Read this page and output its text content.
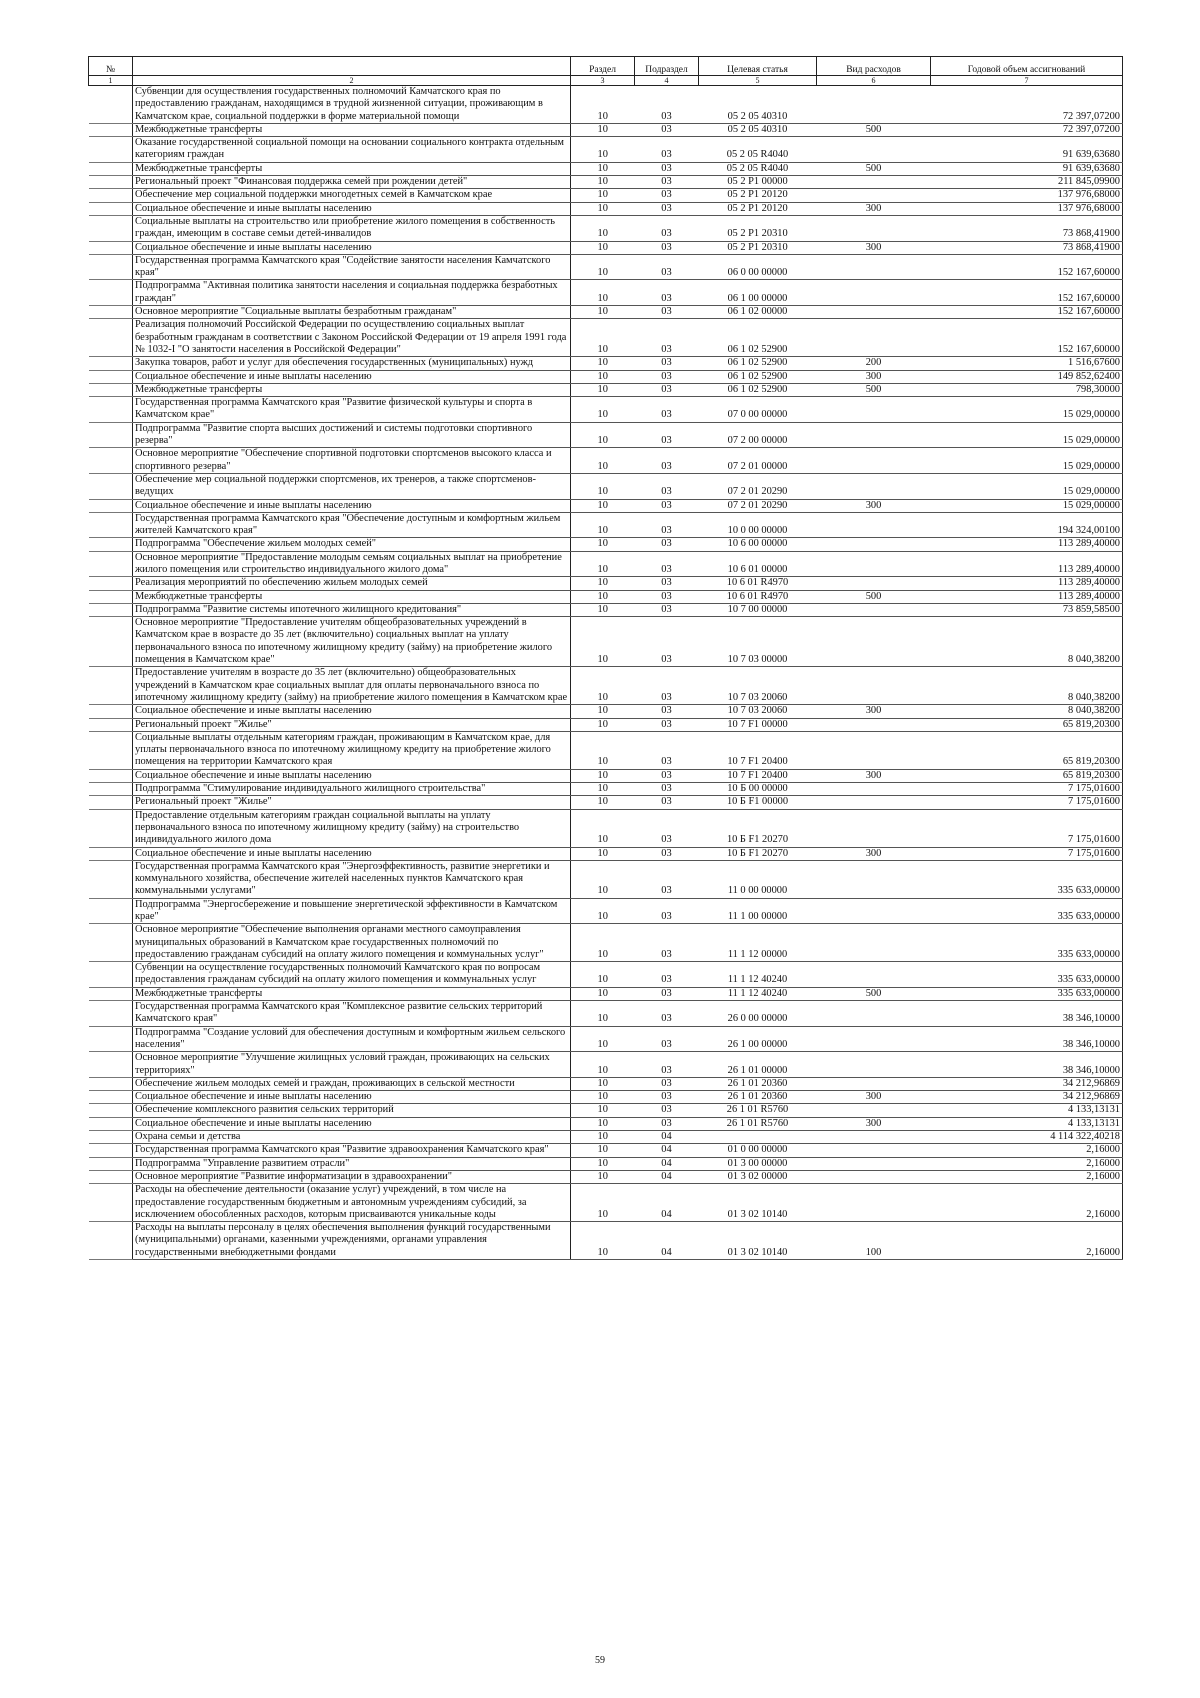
№		Раздел	Подраздел	Целевая статья	Вид расходов	Годовой объем ассигнований
1	2	3	4	5	6	7
	Субвенции для осуществления государственных полномочий Камчатского края по предоставлению гражданам, находящимся в трудной жизненной ситуации, проживающим в Камчатском крае, социальной поддержки в форме материальной помощи	10	03	05 2 05 40310		72 397,07200
	Межбюджетные трансферты	10	03	05 2 05 40310	500	72 397,07200
	Оказание государственной социальной помощи на основании социального контракта отдельным категориям граждан	10	03	05 2 05 R4040		91 639,63680
	Межбюджетные трансферты	10	03	05 2 05 R4040	500	91 639,63680
	Региональный проект "Финансовая поддержка семей при рождении детей"	10	03	05 2 P1 00000		211 845,09900
	Обеспечение мер социальной поддержки многодетных семей в Камчатском крае	10	03	05 2 P1 20120		137 976,68000
	Социальное обеспечение и иные выплаты населению	10	03	05 2 P1 20120	300	137 976,68000
	Социальные выплаты на строительство или приобретение жилого помещения в собственность граждан, имеющим в составе семьи детей-инвалидов	10	03	05 2 P1 20310		73 868,41900
	Социальное обеспечение и иные выплаты населению	10	03	05 2 P1 20310	300	73 868,41900
	Государственная программа Камчатского края "Содействие занятости населения Камчатского края"	10	03	06 0 00 00000		152 167,60000
	Подпрограмма "Активная политика занятости населения и социальная поддержка безработных граждан"	10	03	06 1 00 00000		152 167,60000
	Основное мероприятие "Социальные выплаты безработным гражданам"	10	03	06 1 02 00000		152 167,60000
	Реализация полномочий Российской Федерации по осуществлению социальных выплат безработным гражданам в соответствии с Законом Российской Федерации от 19 апреля 1991 года № 1032-I "О занятости населения в Российской Федерации"	10	03	06 1 02 52900		152 167,60000
	Закупка товаров, работ и услуг для обеспечения государственных (муниципальных) нужд	10	03	06 1 02 52900	200	1 516,67600
	Социальное обеспечение и иные выплаты населению	10	03	06 1 02 52900	300	149 852,62400
	Межбюджетные трансферты	10	03	06 1 02 52900	500	798,30000
	Государственная программа Камчатского края "Развитие физической культуры и спорта в Камчатском крае"	10	03	07 0 00 00000		15 029,00000
	Подпрограмма "Развитие спорта высших достижений и системы подготовки спортивного резерва"	10	03	07 2 00 00000		15 029,00000
	Основное мероприятие "Обеспечение спортивной подготовки спортсменов высокого класса и спортивного резерва"	10	03	07 2 01 00000		15 029,00000
	Обеспечение мер социальной поддержки спортсменов, их тренеров, а также спортсменов-ведущих	10	03	07 2 01 20290		15 029,00000
	Социальное обеспечение и иные выплаты населению	10	03	07 2 01 20290	300	15 029,00000
	Государственная программа Камчатского края "Обеспечение доступным и комфортным жильем жителей Камчатского края"	10	03	10 0 00 00000		194 324,00100
	Подпрограмма "Обеспечение жильем молодых семей"	10	03	10 6 00 00000		113 289,40000
	Основное мероприятие "Предоставление молодым семьям социальных выплат на приобретение жилого помещения или строительство индивидуального жилого дома"	10	03	10 6 01 00000		113 289,40000
	Реализация мероприятий по обеспечению жильем молодых семей	10	03	10 6 01 R4970		113 289,40000
	Межбюджетные трансферты	10	03	10 6 01 R4970	500	113 289,40000
	Подпрограмма "Развитие системы ипотечного жилищного кредитования"	10	03	10 7 00 00000		73 859,58500
	Основное мероприятие "Предоставление учителям общеобразовательных учреждений в Камчатском крае в возрасте до 35 лет (включительно) социальных выплат на уплату первоначального взноса по ипотечному жилищному кредиту (займу) на приобретение жилого помещения в Камчатском крае"	10	03	10 7 03 00000		8 040,38200
	Предоставление учителям в возрасте до 35 лет (включительно) общеобразовательных учреждений в Камчатском крае социальных выплат для оплаты первоначального взноса по ипотечному жилищному кредиту (займу) на приобретение жилого помещения в Камчатском крае	10	03	10 7 03 20060		8 040,38200
	Социальное обеспечение и иные выплаты населению	10	03	10 7 03 20060	300	8 040,38200
	Региональный проект "Жилье"	10	03	10 7 F1 00000		65 819,20300
	Социальные выплаты отдельным категориям граждан, проживающим в Камчатском крае, для уплаты первоначального взноса по ипотечному жилищному кредиту на приобретение жилого помещения на территории Камчатского края	10	03	10 7 F1 20400		65 819,20300
	Социальное обеспечение и иные выплаты населению	10	03	10 7 F1 20400	300	65 819,20300
	Подпрограмма "Стимулирование индивидуального жилищного строительства"	10	03	10 Б 00 00000		7 175,01600
	Региональный проект "Жилье"	10	03	10 Б F1 00000		7 175,01600
	Предоставление отдельным категориям граждан социальной выплаты на уплату первоначального взноса по ипотечному жилищному кредиту (займу) на строительство индивидуального жилого дома	10	03	10 Б F1 20270		7 175,01600
	Социальное обеспечение и иные выплаты населению	10	03	10 Б F1 20270	300	7 175,01600
	Государственная программа Камчатского края "Энергоэффективность, развитие энергетики и коммунального хозяйства, обеспечение жителей населенных пунктов Камчатского края коммунальными услугами"	10	03	11 0 00 00000		335 633,00000
	Подпрограмма "Энергосбережение и повышение энергетической эффективности в Камчатском крае"	10	03	11 1 00 00000		335 633,00000
	Основное мероприятие "Обеспечение выполнения органами местного самоуправления муниципальных образований в Камчатском крае государственных полномочий по предоставлению гражданам субсидий на оплату жилого помещения и коммунальных услуг"	10	03	11 1 12 00000		335 633,00000
	Субвенции на осуществление государственных полномочий Камчатского края по вопросам предоставления гражданам субсидий на оплату жилого помещения и коммунальных услуг	10	03	11 1 12 40240		335 633,00000
	Межбюджетные трансферты	10	03	11 1 12 40240	500	335 633,00000
	Государственная программа Камчатского края "Комплексное развитие сельских территорий Камчатского края"	10	03	26 0 00 00000		38 346,10000
	Подпрограмма "Создание условий для обеспечения доступным и комфортным жильем сельского населения"	10	03	26 1 00 00000		38 346,10000
	Основное мероприятие "Улучшение жилищных условий граждан, проживающих на сельских территориях"	10	03	26 1 01 00000		38 346,10000
	Обеспечение жильем молодых семей и граждан, проживающих в сельской местности	10	03	26 1 01 20360		34 212,96869
	Социальное обеспечение и иные выплаты населению	10	03	26 1 01 20360	300	34 212,96869
	Обеспечение комплексного развития сельских территорий	10	03	26 1 01 R5760		4 133,13131
	Социальное обеспечение и иные выплаты населению	10	03	26 1 01 R5760	300	4 133,13131
	Охрана семьи и детства	10	04			4 114 322,40218
	Государственная программа Камчатского края "Развитие здравоохранения Камчатского края"	10	04	01 0 00 00000		2,16000
	Подпрограмма "Управление развитием отрасли"	10	04	01 3 00 00000		2,16000
	Основное мероприятие "Развитие информатизации в здравоохранении"	10	04	01 3 02 00000		2,16000
	Расходы на обеспечение деятельности (оказание услуг) учреждений, в том числе на предоставление государственным бюджетным и автономным учреждениям субсидий, за исключением обособленных расходов, которым присваиваются уникальные коды	10	04	01 3 02 10140		2,16000
	Расходы на выплаты персоналу в целях обеспечения выполнения функций государственными (муниципальными) органами, казенными учреждениями, органами управления государственными внебюджетными фондами	10	04	01 3 02 10140	100	2,16000
59
